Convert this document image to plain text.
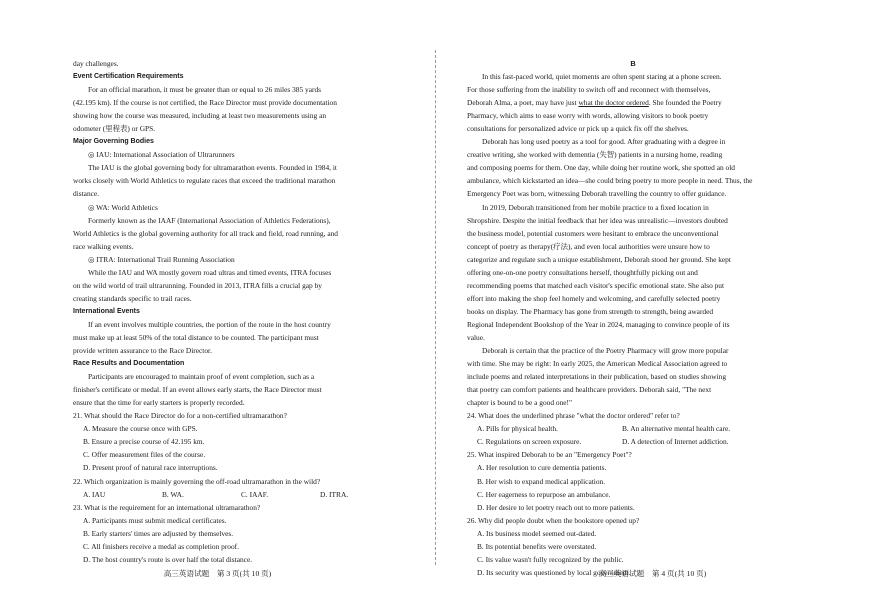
day challenges.
Event Certification Requirements
For an official marathon, it must be greater than or equal to 26 miles 385 yards
(42.195 km). If the course is not certified, the Race Director must provide documentation
showing how the course was measured, including at least two measurements using an
odometer (里程表) or GPS.
Major Governing Bodies
◎ IAU: International Association of Ultrarunners
The IAU is the global governing body for ultramarathon events. Founded in 1984, it
works closely with World Athletics to regulate races that exceed the traditional marathon
distance.
◎ WA: World Athletics
Formerly known as the IAAF (International Association of Athletics Federations),
World Athletics is the global governing authority for all track and field, road running, and
race walking events.
◎ ITRA: International Trail Running Association
While the IAU and WA mostly govern road ultras and timed events, ITRA focuses
on the wild world of trail ultrarunning. Founded in 2013, ITRA fills a crucial gap by
creating standards specific to trail races.
International Events
If an event involves multiple countries, the portion of the route in the host country
must make up at least 50% of the total distance to be counted. The participant must
provide written assurance to the Race Director.
Race Results and Documentation
Participants are encouraged to maintain proof of event completion, such as a
finisher's certificate or medal. If an event allows early starts, the Race Director must
ensure that the time for early starters is properly recorded.
21. What should the Race Director do for a non-certified ultramarathon?
A. Measure the course once with GPS.
B. Ensure a precise course of 42.195 km.
C. Offer measurement files of the course.
D. Present proof of natural race interruptions.
22. Which organization is mainly governing the off-road ultramarathon in the wild?
A. IAU	B. WA.	C. IAAF.	D. ITRA.
23. What is the requirement for an international ultramarathon?
A. Participants must submit medical certificates.
B. Early starters' times are adjusted by themselves.
C. All finishers receive a medal as completion proof.
D. The host country's route is over half the total distance.
B
In this fast-paced world, quiet moments are often spent staring at a phone screen.
For those suffering from the inability to switch off and reconnect with themselves,
Deborah Alma, a poet, may have just what the doctor ordered. She founded the Poetry
Pharmacy, which aims to ease worry with words, allowing visitors to book poetry
consultations for personalized advice or pick up a quick fix off the shelves.
Deborah has long used poetry as a tool for good. After graduating with a degree in
creative writing, she worked with dementia (失智) patients in a nursing home, reading
and composing poems for them. One day, while doing her routine work, she spotted an old
ambulance, which kickstarted an idea—she could bring poetry to more people in need. Thus, the
Emergency Poet was born, witnessing Deborah travelling the country to offer guidance.
In 2019, Deborah transitioned from her mobile practice to a fixed location in
Shropshire. Despite the initial feedback that her idea was unrealistic—investors doubted
the business model, potential customers were hesitant to embrace the unconventional
concept of poetry as therapy(疗法), and even local authorities were unsure how to
categorize and regulate such a unique establishment, Deborah stood her ground. She kept
offering one-on-one poetry consultations herself, thoughtfully picking out and
recommending poems that matched each visitor's specific emotional state. She also put
effort into making the shop feel homely and welcoming, and carefully selected poetry
books on display. The Pharmacy has gone from strength to strength, being awarded
Regional Independent Bookshop of the Year in 2024, managing to convince people of its
value.
Deborah is certain that the practice of the Poetry Pharmacy will grow more popular
with time. She may be right: In early 2025, the American Medical Association agreed to
include poems and related interpretations in their publication, based on studies showing
that poetry can comfort patients and healthcare providers. Deborah said, "The next
chapter is bound to be a good one!"
24. What does the underlined phrase "what the doctor ordered" refer to?
A. Pills for physical health.	B. An alternative mental health care.
C. Regulations on screen exposure.	D. A detection of Internet addiction.
25. What inspired Deborah to be an "Emergency Poet"?
A. Her resolution to cure dementia patients.
B. Her wish to expand medical application.
C. Her eagerness to repurpose an ambulance.
D. Her desire to let poetry reach out to more patients.
26. Why did people doubt when the bookstore opened up?
A. Its business model seemed out-dated.
B. Its potential benefits were overstated.
C. Its value wasn't fully recognized by the public.
D. Its security was questioned by local government.
高三英语试题　第 3 页(共 10 页)	高三英语试题　第 4 页(共 10 页)
